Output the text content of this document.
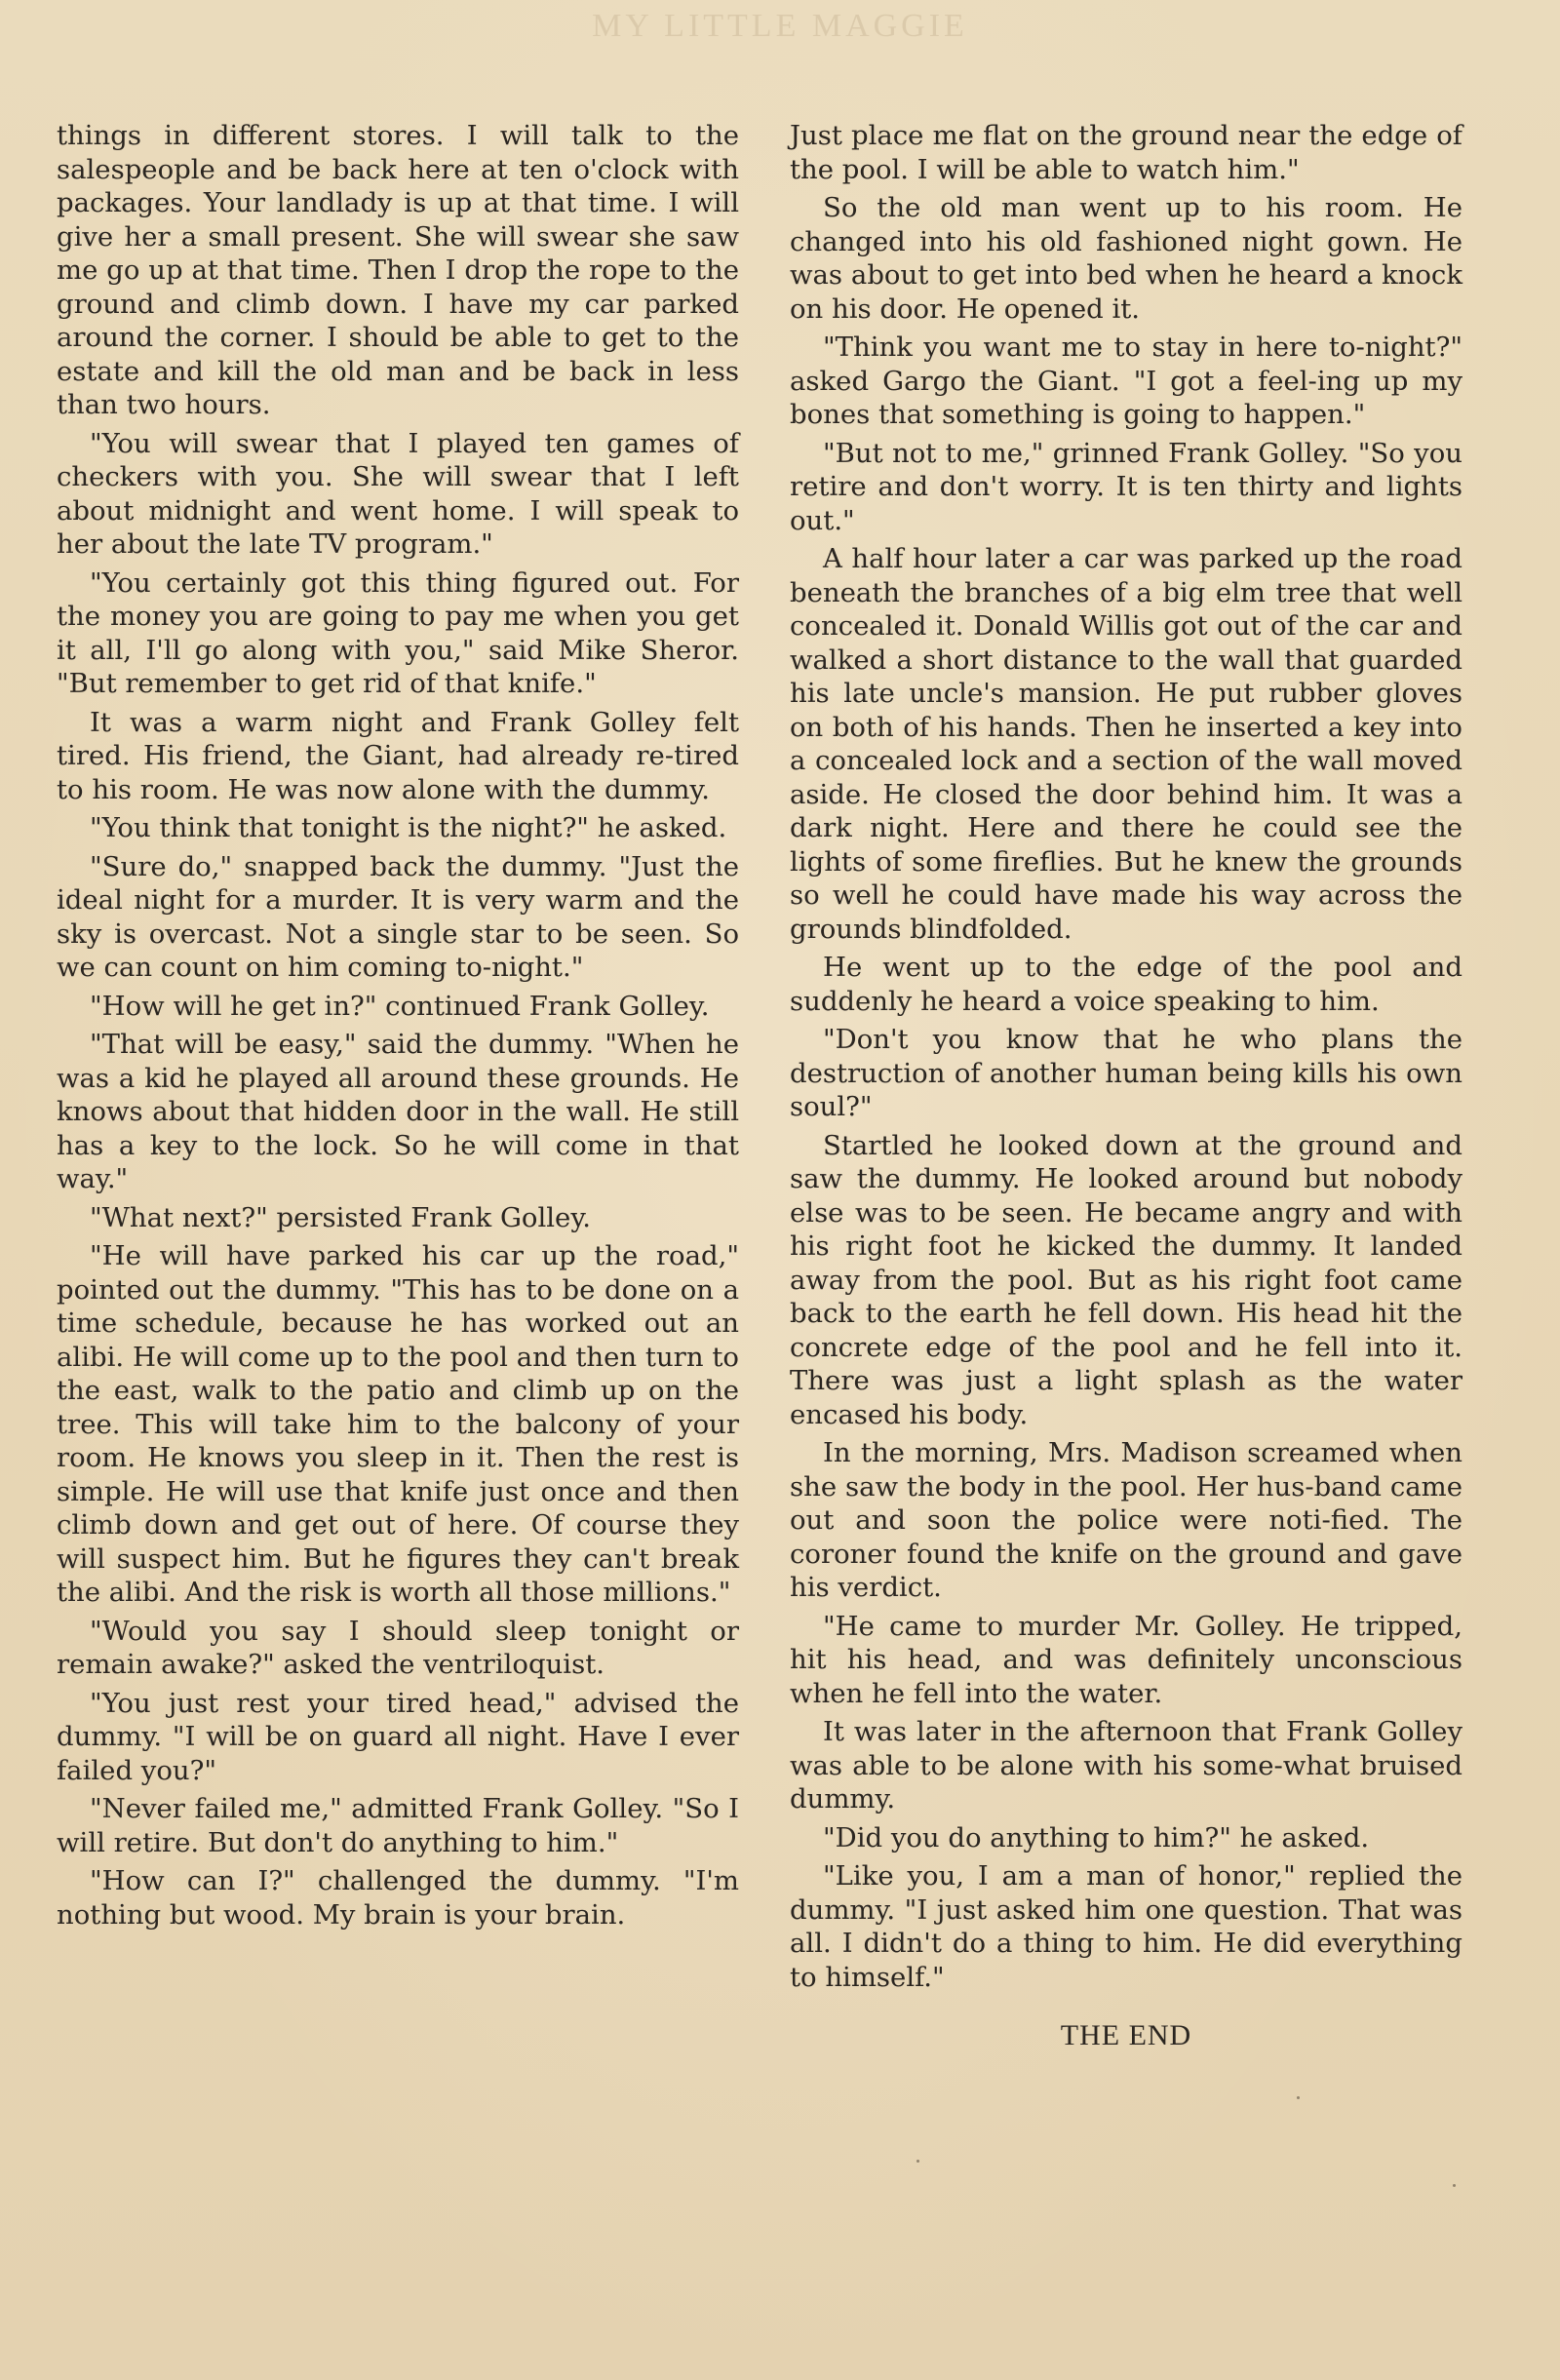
MY LITTLE MAGGIE

things in different stores. I will talk to the salespeople and be back here at ten o'clock with packages. Your landlady is up at that time. I will give her a small present. She will swear she saw me go up at that time. Then I drop the rope to the ground and climb down. I have my car parked around the corner. I should be able to get to the estate and kill the old man and be back in less than two hours.

"You will swear that I played ten games of checkers with you. She will swear that I left about midnight and went home. I will speak to her about the late TV program."

"You certainly got this thing figured out. For the money you are going to pay me when you get it all, I'll go along with you," said Mike Sheror. "But remember to get rid of that knife."

It was a warm night and Frank Golley felt tired. His friend, the Giant, had already re-tired to his room. He was now alone with the dummy.

"You think that tonight is the night?" he asked.

"Sure do," snapped back the dummy. "Just the ideal night for a murder. It is very warm and the sky is overcast. Not a single star to be seen. So we can count on him coming to-night."

"How will he get in?" continued Frank Golley.

"That will be easy," said the dummy. "When he was a kid he played all around these grounds. He knows about that hidden door in the wall. He still has a key to the lock. So he will come in that way."

"What next?" persisted Frank Golley.

"He will have parked his car up the road," pointed out the dummy. "This has to be done on a time schedule, because he has worked out an alibi. He will come up to the pool and then turn to the east, walk to the patio and climb up on the tree. This will take him to the balcony of your room. He knows you sleep in it. Then the rest is simple. He will use that knife just once and then climb down and get out of here. Of course they will suspect him. But he figures they can't break the alibi. And the risk is worth all those millions."

"Would you say I should sleep tonight or remain awake?" asked the ventriloquist.

"You just rest your tired head," advised the dummy. "I will be on guard all night. Have I ever failed you?"

"Never failed me," admitted Frank Golley. "So I will retire. But don't do anything to him."

"How can I?" challenged the dummy. "I'm nothing but wood. My brain is your brain.

Just place me flat on the ground near the edge of the pool. I will be able to watch him."

So the old man went up to his room. He changed into his old fashioned night gown. He was about to get into bed when he heard a knock on his door. He opened it.

"Think you want me to stay in here to-night?" asked Gargo the Giant. "I got a feel-ing up my bones that something is going to happen."

"But not to me," grinned Frank Golley. "So you retire and don't worry. It is ten thirty and lights out."

A half hour later a car was parked up the road beneath the branches of a big elm tree that well concealed it. Donald Willis got out of the car and walked a short distance to the wall that guarded his late uncle's mansion. He put rubber gloves on both of his hands. Then he inserted a key into a concealed lock and a section of the wall moved aside. He closed the door behind him. It was a dark night. Here and there he could see the lights of some fireflies. But he knew the grounds so well he could have made his way across the grounds blindfolded.

He went up to the edge of the pool and suddenly he heard a voice speaking to him.

"Don't you know that he who plans the destruction of another human being kills his own soul?"

Startled he looked down at the ground and saw the dummy. He looked around but nobody else was to be seen. He became angry and with his right foot he kicked the dummy. It landed away from the pool. But as his right foot came back to the earth he fell down. His head hit the concrete edge of the pool and he fell into it. There was just a light splash as the water encased his body.

In the morning, Mrs. Madison screamed when she saw the body in the pool. Her hus-band came out and soon the police were noti-fied. The coroner found the knife on the ground and gave his verdict.

"He came to murder Mr. Golley. He tripped, hit his head, and was definitely unconscious when he fell into the water.

It was later in the afternoon that Frank Golley was able to be alone with his some-what bruised dummy.

"Did you do anything to him?" he asked.

"Like you, I am a man of honor," replied the dummy. "I just asked him one question. That was all. I didn't do a thing to him. He did everything to himself."

THE END
